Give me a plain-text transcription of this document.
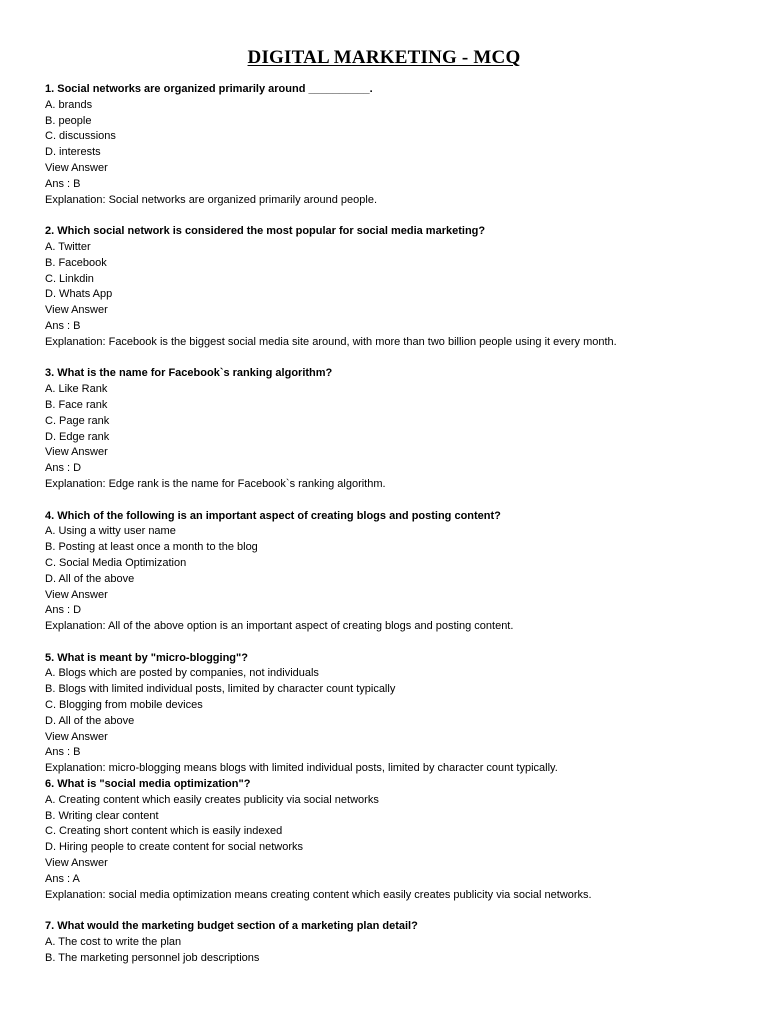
DIGITAL MARKETING - MCQ
1. Social networks are organized primarily around __________.
A. brands
B. people
C. discussions
D. interests
View Answer
Ans : B
Explanation: Social networks are organized primarily around people.
2. Which social network is considered the most popular for social media marketing?
A. Twitter
B. Facebook
C. Linkdin
D. Whats App
View Answer
Ans : B
Explanation: Facebook is the biggest social media site around, with more than two billion people using it every month.
3. What is the name for Facebook`s ranking algorithm?
A. Like Rank
B. Face rank
C. Page rank
D. Edge rank
View Answer
Ans : D
Explanation: Edge rank is the name for Facebook`s ranking algorithm.
4. Which of the following is an important aspect of creating blogs and posting content?
A. Using a witty user name
B. Posting at least once a month to the blog
C. Social Media Optimization
D. All of the above
View Answer
Ans : D
Explanation: All of the above option is an important aspect of creating blogs and posting content.
5. What is meant by "micro-blogging"?
A. Blogs which are posted by companies, not individuals
B. Blogs with limited individual posts, limited by character count typically
C. Blogging from mobile devices
D. All of the above
View Answer
Ans : B
Explanation: micro-blogging means blogs with limited individual posts, limited by character count typically.
6. What is "social media optimization"?
A. Creating content which easily creates publicity via social networks
B. Writing clear content
C. Creating short content which is easily indexed
D. Hiring people to create content for social networks
View Answer
Ans : A
Explanation: social media optimization means creating content which easily creates publicity via social networks.
7. What would the marketing budget section of a marketing plan detail?
A. The cost to write the plan
B. The marketing personnel job descriptions
